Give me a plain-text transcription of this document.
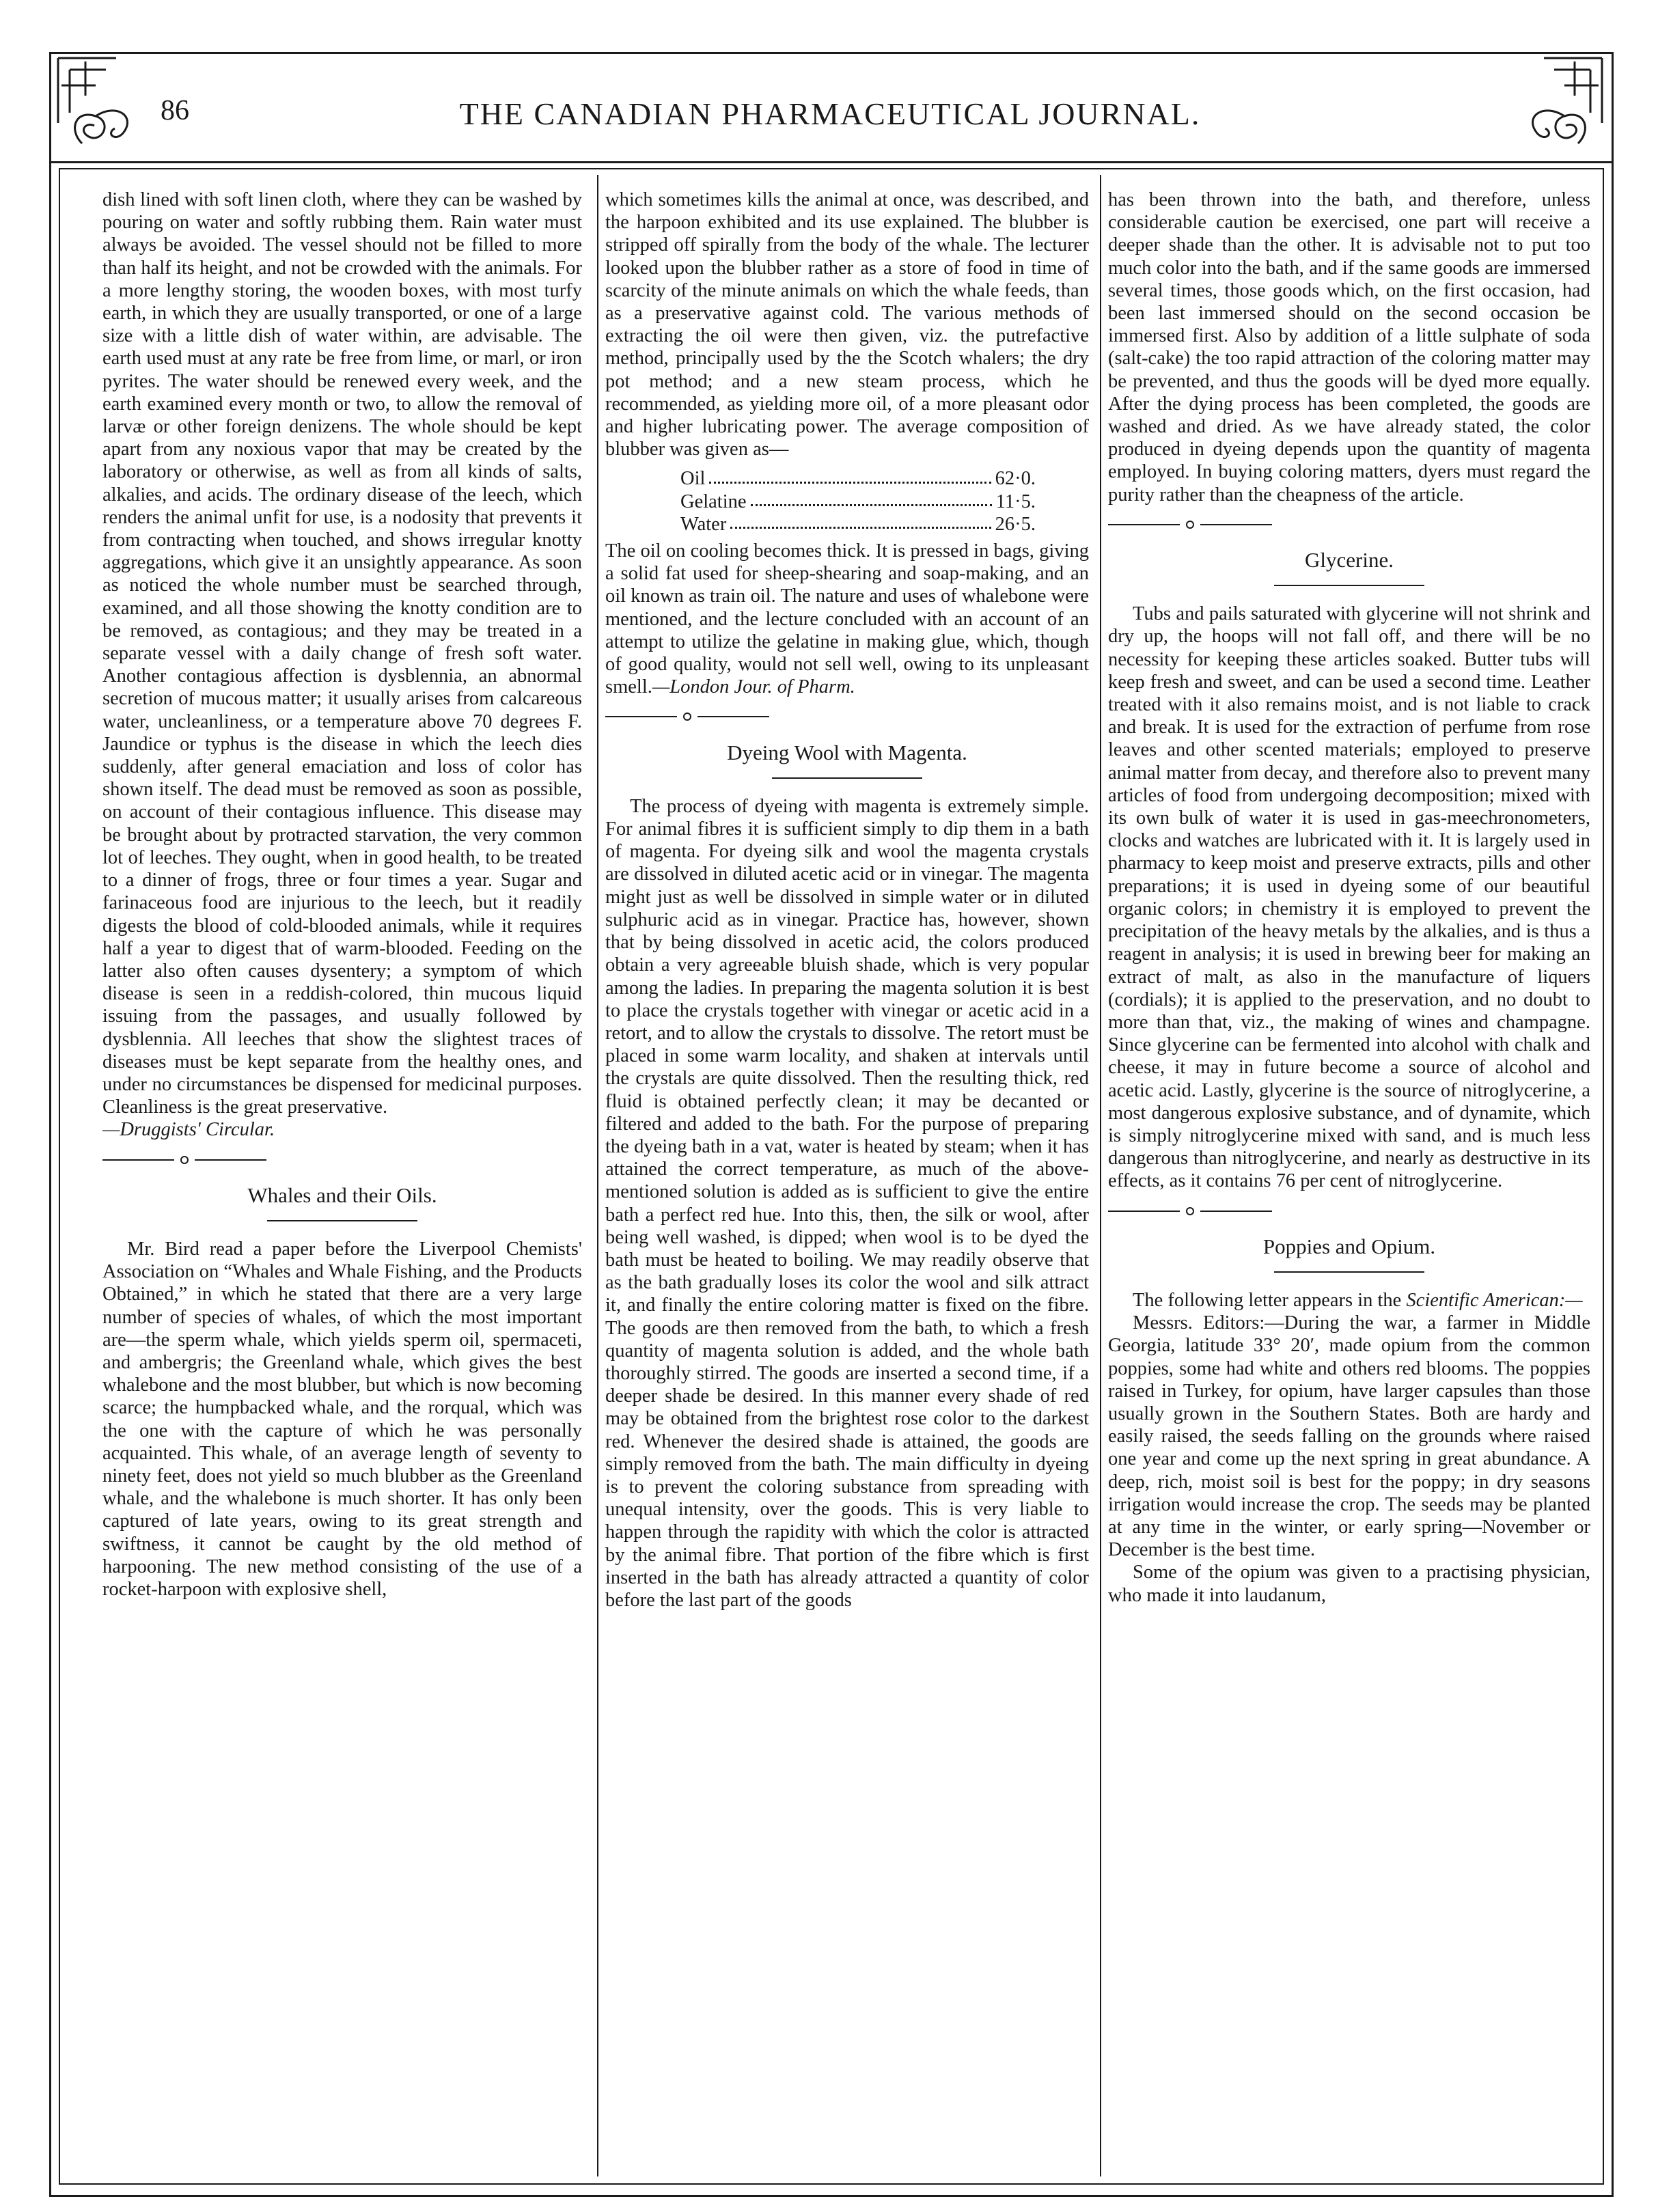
86	THE CANADIAN PHARMACEUTICAL JOURNAL.

dish lined with soft linen cloth, where they can be washed by pouring on water and softly rubbing them. Rain water must always be avoided. The vessel should not be filled to more than half its height, and not be crowded with the animals. For a more lengthy storing, the wooden boxes, with most turfy earth, in which they are usually transported, or one of a large size with a little dish of water within, are advisable. The earth used must at any rate be free from lime, or marl, or iron pyrites. The water should be renewed every week, and the earth examined every month or two, to allow the removal of larvæ or other foreign denizens. The whole should be kept apart from any noxious vapor that may be created by the laboratory or otherwise, as well as from all kinds of salts, alkalies, and acids. The ordinary disease of the leech, which renders the animal unfit for use, is a nodosity that prevents it from contracting when touched, and shows irregular knotty aggregations, which give it an unsightly appearance. As soon as noticed the whole number must be searched through, examined, and all those showing the knotty condition are to be removed, as contagious; and they may be treated in a separate vessel with a daily change of fresh soft water. Another contagious affection is dysblennia, an abnormal secretion of mucous matter; it usually arises from calcareous water, uncleanliness, or a temperature above 70 degrees F. Jaundice or typhus is the disease in which the leech dies suddenly, after general emaciation and loss of color has shown itself. The dead must be removed as soon as possible, on account of their contagious influence. This disease may be brought about by protracted starvation, the very common lot of leeches. They ought, when in good health, to be treated to a dinner of frogs, three or four times a year. Sugar and farinaceous food are injurious to the leech, but it readily digests the blood of cold-blooded animals, while it requires half a year to digest that of warm-blooded. Feeding on the latter also often causes dysentery; a symptom of which disease is seen in a reddish-colored, thin mucous liquid issuing from the passages, and usually followed by dysblennia. All leeches that show the slightest traces of diseases must be kept separate from the healthy ones, and under no circumstances be dispensed for medicinal purposes. Cleanliness is the great preservative.

—Druggists' Circular.

Whales and their Oils.

Mr. Bird read a paper before the Liverpool Chemists' Association on “Whales and Whale Fishing, and the Products Obtained,” in which he stated that there are a very large number of species of whales, of which the most important are—the sperm whale, which yields sperm oil, spermaceti, and ambergris; the Greenland whale, which gives the best whalebone and the most blubber, but which is now becoming scarce; the humpbacked whale, and the rorqual, which was the one with the capture of which he was personally acquainted. This whale, of an average length of seventy to ninety feet, does not yield so much blubber as the Greenland whale, and the whalebone is much shorter. It has only been captured of late years, owing to its great strength and swiftness, it cannot be caught by the old method of harpooning. The new method consisting of the use of a rocket-harpoon with explosive shell,

which sometimes kills the animal at once, was described, and the harpoon exhibited and its use explained. The blubber is stripped off spirally from the body of the whale. The lecturer looked upon the blubber rather as a store of food in time of scarcity of the minute animals on which the whale feeds, than as a preservative against cold. The various methods of extracting the oil were then given, viz. the putrefactive method, principally used by the the Scotch whalers; the dry pot method; and a new steam process, which he recommended, as yielding more oil, of a more pleasant odor and higher lubricating power. The average composition of blubber was given as—

Oil	62·0.
Gelatine	11·5.
Water	26·5.

The oil on cooling becomes thick. It is pressed in bags, giving a solid fat used for sheep-shearing and soap-making, and an oil known as train oil. The nature and uses of whalebone were mentioned, and the lecture concluded with an account of an attempt to utilize the gelatine in making glue, which, though of good quality, would not sell well, owing to its unpleasant smell.—London Jour. of Pharm.

Dyeing Wool with Magenta.

The process of dyeing with magenta is extremely simple. For animal fibres it is sufficient simply to dip them in a bath of magenta. For dyeing silk and wool the magenta crystals are dissolved in diluted acetic acid or in vinegar. The magenta might just as well be dissolved in simple water or in diluted sulphuric acid as in vinegar. Practice has, however, shown that by being dissolved in acetic acid, the colors produced obtain a very agreeable bluish shade, which is very popular among the ladies. In preparing the magenta solution it is best to place the crystals together with vinegar or acetic acid in a retort, and to allow the crystals to dissolve. The retort must be placed in some warm locality, and shaken at intervals until the crystals are quite dissolved. Then the resulting thick, red fluid is obtained perfectly clean; it may be decanted or filtered and added to the bath. For the purpose of preparing the dyeing bath in a vat, water is heated by steam; when it has attained the correct temperature, as much of the above-mentioned solution is added as is sufficient to give the entire bath a perfect red hue. Into this, then, the silk or wool, after being well washed, is dipped; when wool is to be dyed the bath must be heated to boiling. We may readily observe that as the bath gradually loses its color the wool and silk attract it, and finally the entire coloring matter is fixed on the fibre. The goods are then removed from the bath, to which a fresh quantity of magenta solution is added, and the whole bath thoroughly stirred. The goods are inserted a second time, if a deeper shade be desired. In this manner every shade of red may be obtained from the brightest rose color to the darkest red. Whenever the desired shade is attained, the goods are simply removed from the bath. The main difficulty in dyeing is to prevent the coloring substance from spreading with unequal intensity, over the goods. This is very liable to happen through the rapidity with which the color is attracted by the animal fibre. That portion of the fibre which is first inserted in the bath has already attracted a quantity of color before the last part of the goods

has been thrown into the bath, and therefore, unless considerable caution be exercised, one part will receive a deeper shade than the other. It is advisable not to put too much color into the bath, and if the same goods are immersed several times, those goods which, on the first occasion, had been last immersed should on the second occasion be immersed first. Also by addition of a little sulphate of soda (salt-cake) the too rapid attraction of the coloring matter may be prevented, and thus the goods will be dyed more equally. After the dying process has been completed, the goods are washed and dried. As we have already stated, the color produced in dyeing depends upon the quantity of magenta employed. In buying coloring matters, dyers must regard the purity rather than the cheapness of the article.

Glycerine.

Tubs and pails saturated with glycerine will not shrink and dry up, the hoops will not fall off, and there will be no necessity for keeping these articles soaked. Butter tubs will keep fresh and sweet, and can be used a second time. Leather treated with it also remains moist, and is not liable to crack and break. It is used for the extraction of perfume from rose leaves and other scented materials; employed to preserve animal matter from decay, and therefore also to prevent many articles of food from undergoing decomposition; mixed with its own bulk of water it is used in gas-meechronometers, clocks and watches are lubricated with it. It is largely used in pharmacy to keep moist and preserve extracts, pills and other preparations; it is used in dyeing some of our beautiful organic colors; in chemistry it is employed to prevent the precipitation of the heavy metals by the alkalies, and is thus a reagent in analysis; it is used in brewing beer for making an extract of malt, as also in the manufacture of liquers (cordials); it is applied to the preservation, and no doubt to more than that, viz., the making of wines and champagne. Since glycerine can be fermented into alcohol with chalk and cheese, it may in future become a source of alcohol and acetic acid. Lastly, glycerine is the source of nitroglycerine, a most dangerous explosive substance, and of dynamite, which is simply nitroglycerine mixed with sand, and is much less dangerous than nitroglycerine, and nearly as destructive in its effects, as it contains 76 per cent of nitroglycerine.

Poppies and Opium.

The following letter appears in the Scientific American:—

Messrs. Editors:—During the war, a farmer in Middle Georgia, latitude 33° 20′, made opium from the common poppies, some had white and others red blooms. The poppies raised in Turkey, for opium, have larger capsules than those usually grown in the Southern States. Both are hardy and easily raised, the seeds falling on the grounds where raised one year and come up the next spring in great abundance. A deep, rich, moist soil is best for the poppy; in dry seasons irrigation would increase the crop. The seeds may be planted at any time in the winter, or early spring—November or December is the best time.

Some of the opium was given to a practising physician, who made it into laudanum,
